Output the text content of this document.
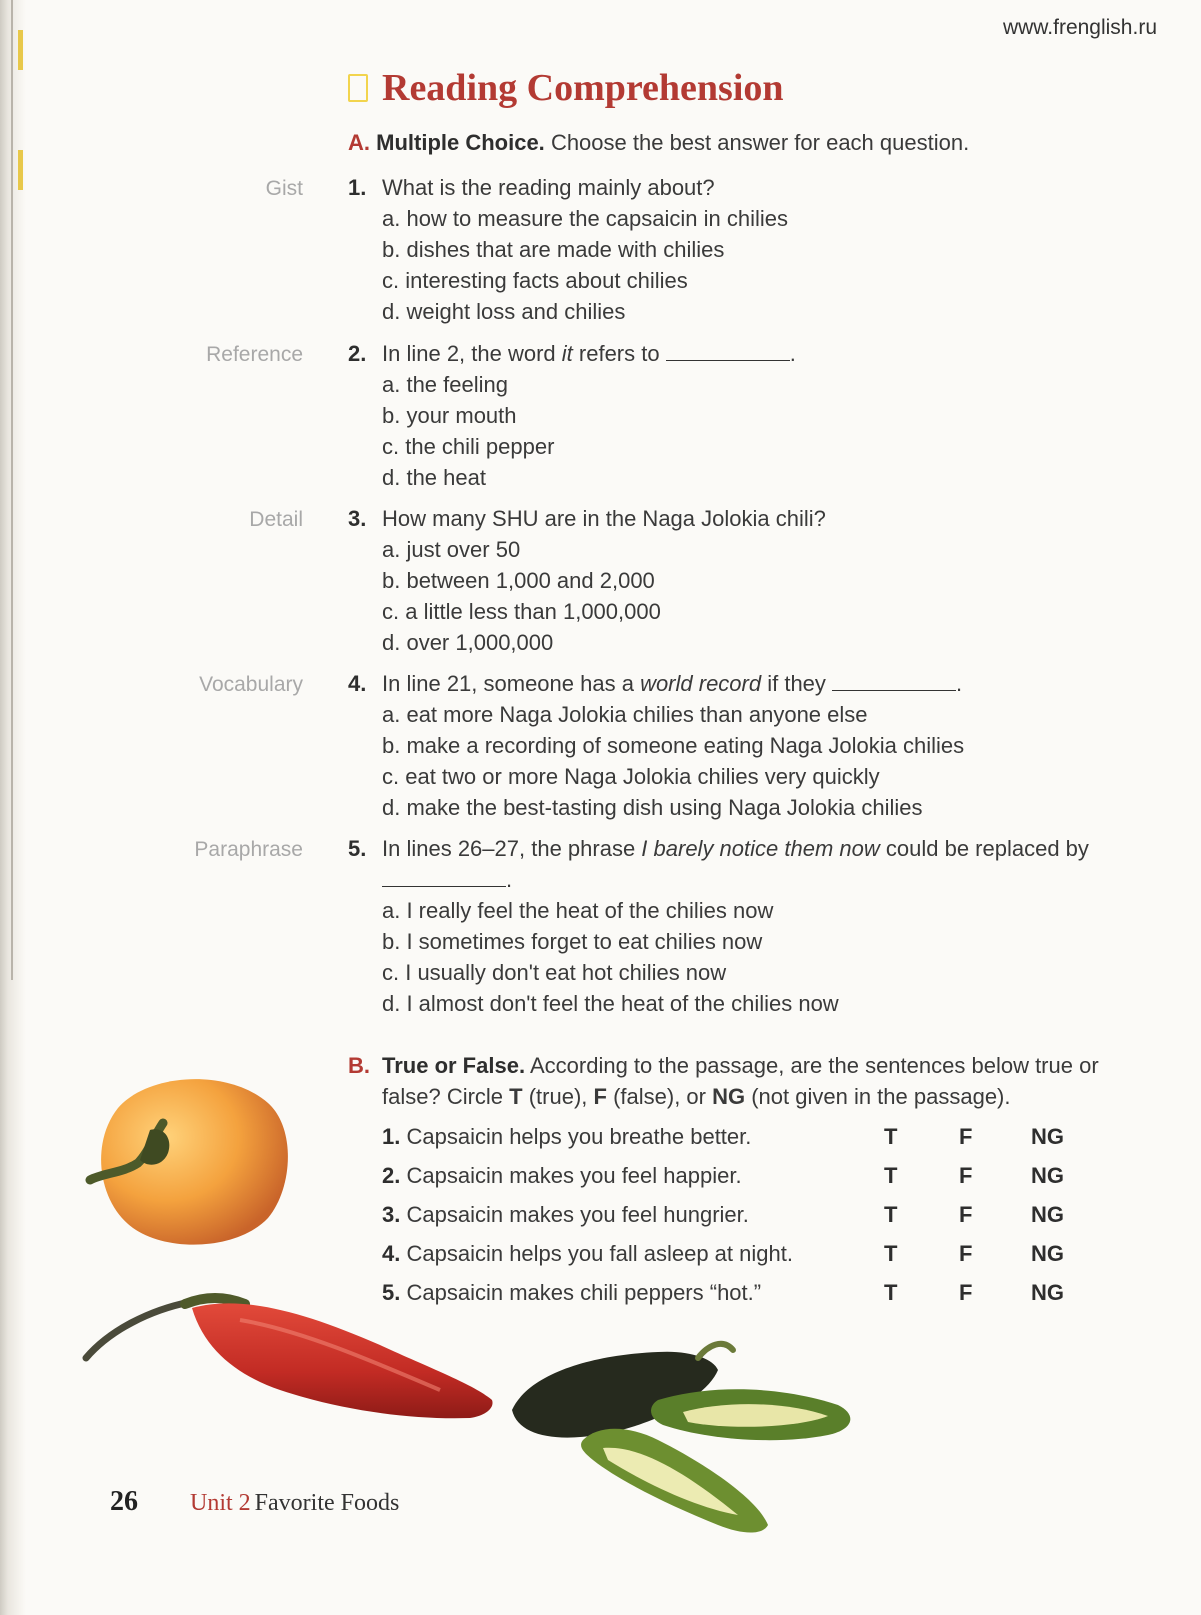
www.frenglish.ru
Reading Comprehension
A. Multiple Choice. Choose the best answer for each question.
Gist 1. What is the reading mainly about?
a. how to measure the capsaicin in chilies
b. dishes that are made with chilies
c. interesting facts about chilies
d. weight loss and chilies
Reference 2. In line 2, the word it refers to	.
a. the feeling
b. your mouth
c. the chili pepper
d. the heat
Detail 3. How many SHU are in the Naga Jolokia chili?
a. just over 50
b. between 1,000 and 2,000
c. a little less than 1,000,000
d. over 1,000,000
Vocabulary 4. In line 21, someone has a world record if they	.
a. eat more Naga Jolokia chilies than anyone else
b. make a recording of someone eating Naga Jolokia chilies
c. eat two or more Naga Jolokia chilies very quickly
d. make the best-tasting dish using Naga Jolokia chilies
Paraphrase 5. In lines 26–27, the phrase I barely notice them now could be replaced by .
a. I really feel the heat of the chilies now
b. I sometimes forget to eat chilies now
c. I usually don't eat hot chilies now
d. I almost don't feel the heat of the chilies now
B. True or False. According to the passage, are the sentences below true or false? Circle T (true), F (false), or NG (not given in the passage).
1. Capsaicin helps you breathe better.	T	F	NG
2. Capsaicin makes you feel happier.	T	F	NG
3. Capsaicin makes you feel hungrier.	T	F	NG
4. Capsaicin helps you fall asleep at night.	T	F	NG
5. Capsaicin makes chili peppers “hot.”	T	F	NG
26 Unit 2 Favorite Foods
